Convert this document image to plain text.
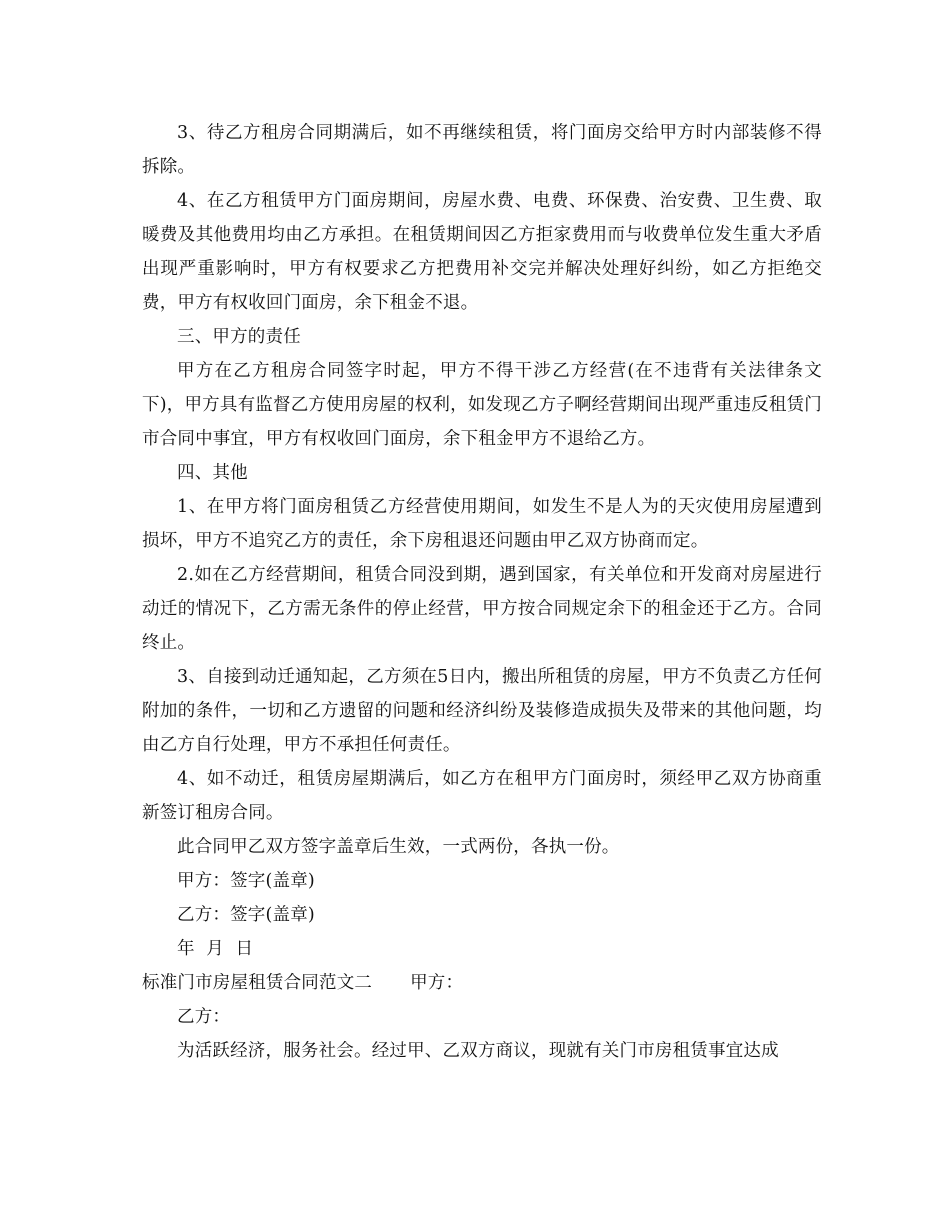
3、待乙方租房合同期满后，如不再继续租赁，将门面房交给甲方时内部装修不得拆除。

4、在乙方租赁甲方门面房期间，房屋水费、电费、环保费、治安费、卫生费、取暖费及其他费用均由乙方承担。在租赁期间因乙方拒家费用而与收费单位发生重大矛盾出现严重影响时，甲方有权要求乙方把费用补交完并解决处理好纠纷，如乙方拒绝交费，甲方有权收回门面房，余下租金不退。

三、甲方的责任

甲方在乙方租房合同签字时起，甲方不得干涉乙方经营(在不违背有关法律条文下)，甲方具有监督乙方使用房屋的权利，如发现乙方子啊经营期间出现严重违反租赁门市合同中事宜，甲方有权收回门面房，余下租金甲方不退给乙方。

四、其他

1、在甲方将门面房租赁乙方经营使用期间，如发生不是人为的天灾使用房屋遭到损坏，甲方不追究乙方的责任，余下房租退还问题由甲乙双方协商而定。

2.如在乙方经营期间，租赁合同没到期，遇到国家，有关单位和开发商对房屋进行动迁的情况下，乙方需无条件的停止经营，甲方按合同规定余下的租金还于乙方。合同终止。

3、自接到动迁通知起，乙方须在5日内，搬出所租赁的房屋，甲方不负责乙方任何附加的条件，一切和乙方遗留的问题和经济纠纷及装修造成损失及带来的其他问题，均由乙方自行处理，甲方不承担任何责任。

4、如不动迁，租赁房屋期满后，如乙方在租甲方门面房时，须经甲乙双方协商重新签订租房合同。

此合同甲乙双方签字盖章后生效，一式两份，各执一份。

甲方：签字(盖章)

乙方：签字(盖章)

年  月  日

标准门市房屋租赁合同范文二 甲方：

乙方：

为活跃经济，服务社会。经过甲、乙双方商议，现就有关门市房租赁事宜达成
